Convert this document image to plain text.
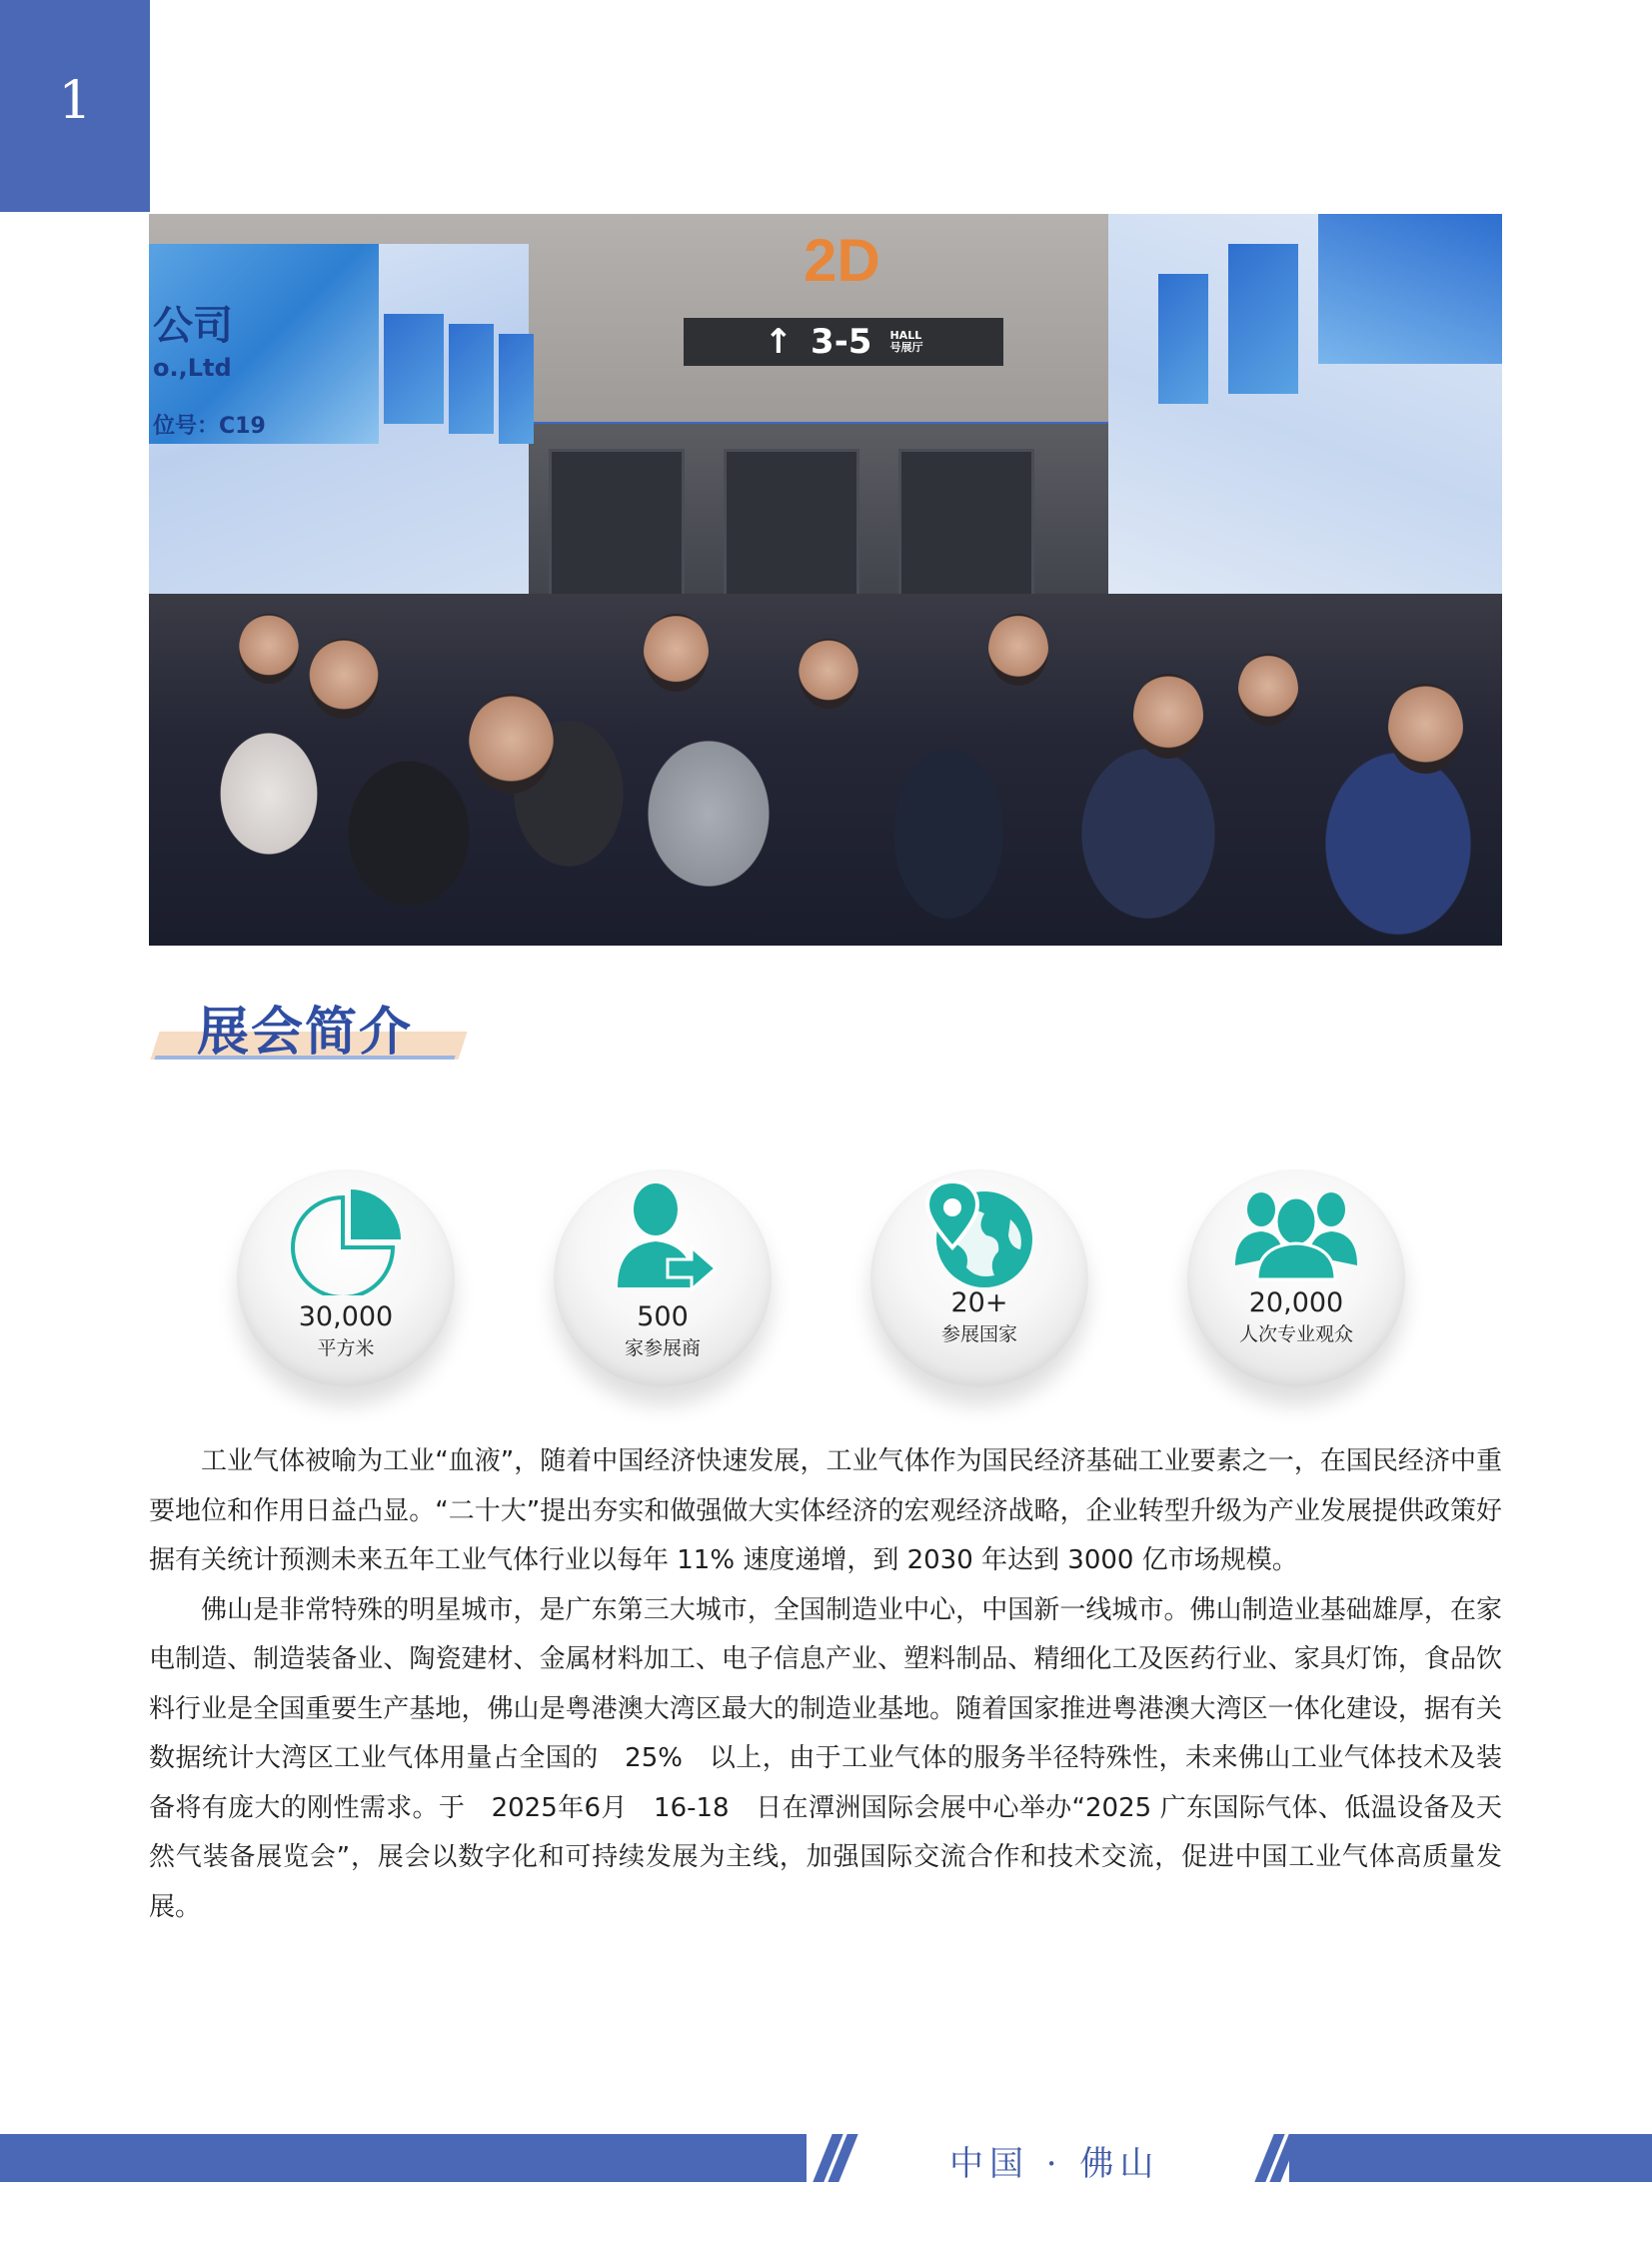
1
2D
↑ 3-5 HALL
号展厅
公司
o.,Ltd
位号：C19
展会简介
30,000
平方米
500
家参展商
20+
参展国家
20,000
人次专业观众

工业气体被喻为工业“血液”，随着中国经济快速发展，工业气体作为国民经济基础工业要素之一，在国民经济中重要地位和作用日益凸显。“二十大”提出夯实和做强做大实体经济的宏观经济战略，企业转型升级为产业发展提供政策好据有关统计预测未来五年工业气体行业以每年 11% 速度递增，到 2030 年达到 3000 亿市场规模。

佛山是非常特殊的明星城市，是广东第三大城市，全国制造业中心，中国新一线城市。佛山制造业基础雄厚，在家电制造、制造装备业、陶瓷建材、金属材料加工、电子信息产业、塑料制品、精细化工及医药行业、家具灯饰，食品饮料行业是全国重要生产基地，佛山是粤港澳大湾区最大的制造业基地。随着国家推进粤港澳大湾区一体化建设，据有关数据统计大湾区工业气体用量占全国的　25%　以上，由于工业气体的服务半径特殊性，未来佛山工业气体技术及装备将有庞大的刚性需求。于　2025年6月　16-18　日在潭洲国际会展中心举办“2025 广东国际气体、低温设备及天然气装备展览会”，展会以数字化和可持续发展为主线，加强国际交流合作和技术交流，促进中国工业气体高质量发展。

中国 · 佛山
